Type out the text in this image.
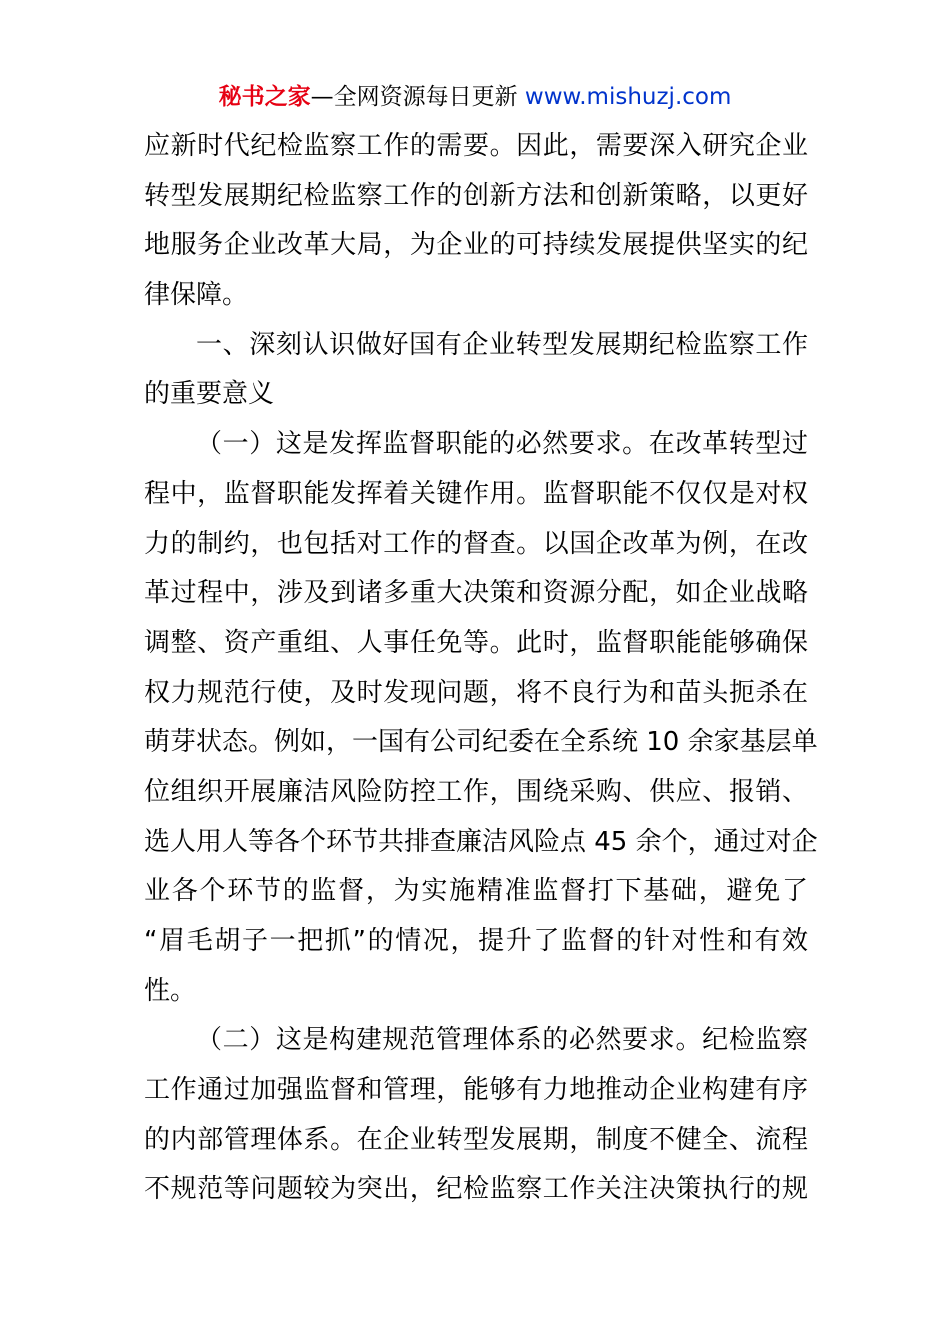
秘书之家—全网资源每日更新 www.mishuzj.com
应新时代纪检监察工作的需要。因此，需要深入研究企业
转型发展期纪检监察工作的创新方法和创新策略，以更好
地服务企业改革大局，为企业的可持续发展提供坚实的纪
律保障。
一、深刻认识做好国有企业转型发展期纪检监察工作
的重要意义
（一）这是发挥监督职能的必然要求。在改革转型过
程中，监督职能发挥着关键作用。监督职能不仅仅是对权
力的制约，也包括对工作的督查。以国企改革为例，在改
革过程中，涉及到诸多重大决策和资源分配，如企业战略
调整、资产重组、人事任免等。此时，监督职能能够确保
权力规范行使，及时发现问题，将不良行为和苗头扼杀在
萌芽状态。例如，一国有公司纪委在全系统 10 余家基层单
位组织开展廉洁风险防控工作，围绕采购、供应、报销、
选人用人等各个环节共排查廉洁风险点 45 余个，通过对企
业各个环节的监督，为实施精准监督打下基础，避免了
“眉毛胡子一把抓”的情况，提升了监督的针对性和有效
性。
（二）这是构建规范管理体系的必然要求。纪检监察
工作通过加强监督和管理，能够有力地推动企业构建有序
的内部管理体系。在企业转型发展期，制度不健全、流程
不规范等问题较为突出，纪检监察工作关注决策执行的规
